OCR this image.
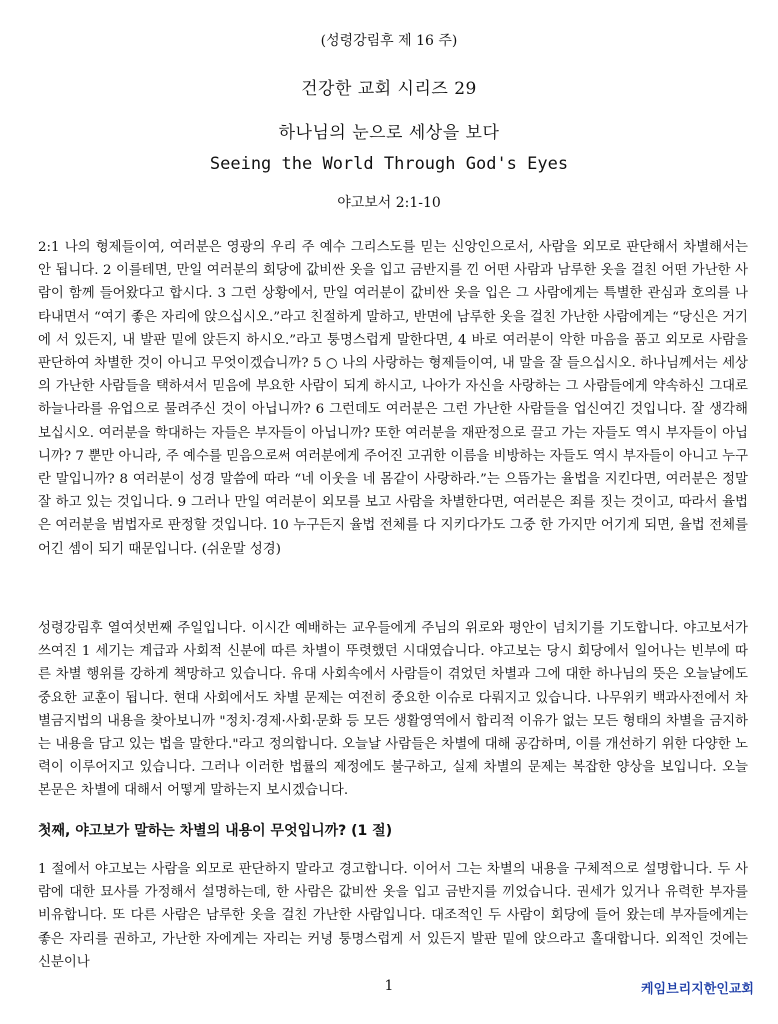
(성령강림후 제 16 주)
건강한 교회 시리즈 29
하나님의 눈으로 세상을 보다
Seeing the World Through God's Eyes
야고보서 2:1-10

2:1 나의 형제들이여, 여러분은 영광의 우리 주 예수 그리스도를 믿는 신앙인으로서, 사람을 외모로 판단해서 차별해서는 안 됩니다. 2 이를테면, 만일 여러분의 회당에 값비싼 옷을 입고 금반지를 낀 어떤 사람과 남루한 옷을 걸친 어떤 가난한 사람이 함께 들어왔다고 합시다. 3 그런 상황에서, 만일 여러분이 값비싼 옷을 입은 그 사람에게는 특별한 관심과 호의를 나타내면서 “여기 좋은 자리에 앉으십시오.”라고 친절하게 말하고, 반면에 남루한 옷을 걸친 가난한 사람에게는 “당신은 거기에 서 있든지, 내 발판 밑에 앉든지 하시오.”라고 퉁명스럽게 말한다면, 4 바로 여러분이 악한 마음을 품고 외모로 사람을 판단하여 차별한 것이 아니고 무엇이겠습니까? 5 ○ 나의 사랑하는 형제들이여, 내 말을 잘 들으십시오. 하나님께서는 세상의 가난한 사람들을 택하셔서 믿음에 부요한 사람이 되게 하시고, 나아가 자신을 사랑하는 그 사람들에게 약속하신 그대로 하늘나라를 유업으로 물려주신 것이 아닙니까? 6 그런데도 여러분은 그런 가난한 사람들을 업신여긴 것입니다. 잘 생각해 보십시오. 여러분을 학대하는 자들은 부자들이 아닙니까? 또한 여러분을 재판정으로 끌고 가는 자들도 역시 부자들이 아닙니까? 7 뿐만 아니라, 주 예수를 믿음으로써 여러분에게 주어진 고귀한 이름을 비방하는 자들도 역시 부자들이 아니고 누구란 말입니까? 8 여러분이 성경 말씀에 따라 “네 이웃을 네 몸같이 사랑하라.”는 으뜸가는 율법을 지킨다면, 여러분은 정말 잘 하고 있는 것입니다. 9 그러나 만일 여러분이 외모를 보고 사람을 차별한다면, 여러분은 죄를 짓는 것이고, 따라서 율법은 여러분을 범법자로 판정할 것입니다. 10 누구든지 율법 전체를 다 지키다가도 그중 한 가지만 어기게 되면, 율법 전체를 어긴 셈이 되기 때문입니다. (쉬운말 성경)

성령강림후 열여섯번째 주일입니다. 이시간 예배하는 교우들에게 주님의 위로와 평안이 넘치기를 기도합니다. 야고보서가 쓰여진 1 세기는 계급과 사회적 신분에 따른 차별이 뚜렷했던 시대였습니다. 야고보는 당시 회당에서 일어나는 빈부에 따른 차별 행위를 강하게 책망하고 있습니다. 유대 사회속에서 사람들이 겪었던 차별과 그에 대한 하나님의 뜻은 오늘날에도 중요한 교훈이 됩니다. 현대 사회에서도 차별 문제는 여전히 중요한 이슈로 다뤄지고 있습니다. 나무위키 백과사전에서 차별금지법의 내용을 찾아보니까 "정치·경제·사회·문화 등 모든 생활영역에서 합리적 이유가 없는 모든 형태의 차별을 금지하는 내용을 담고 있는 법을 말한다."라고 정의합니다. 오늘날 사람들은 차별에 대해 공감하며, 이를 개선하기 위한 다양한 노력이 이루어지고 있습니다. 그러나 이러한 법률의 제정에도 불구하고, 실제 차별의 문제는 복잡한 양상을 보입니다. 오늘 본문은 차별에 대해서 어떻게 말하는지 보시겠습니다.

첫째, 야고보가 말하는 차별의 내용이 무엇입니까? (1 절)

1 절에서 야고보는 사람을 외모로 판단하지 말라고 경고합니다. 이어서 그는 차별의 내용을 구체적으로 설명합니다. 두 사람에 대한 묘사를 가정해서 설명하는데, 한 사람은 값비싼 옷을 입고 금반지를 끼었습니다. 권세가 있거나 유력한 부자를 비유합니다. 또 다른 사람은 남루한 옷을 걸친 가난한 사람입니다. 대조적인 두 사람이 회당에 들어 왔는데 부자들에게는 좋은 자리를 권하고, 가난한 자에게는 자리는 커녕 퉁명스럽게 서 있든지 발판 밑에 앉으라고 홀대합니다. 외적인 것에는 신분이나

1	케임브리지한인교회
